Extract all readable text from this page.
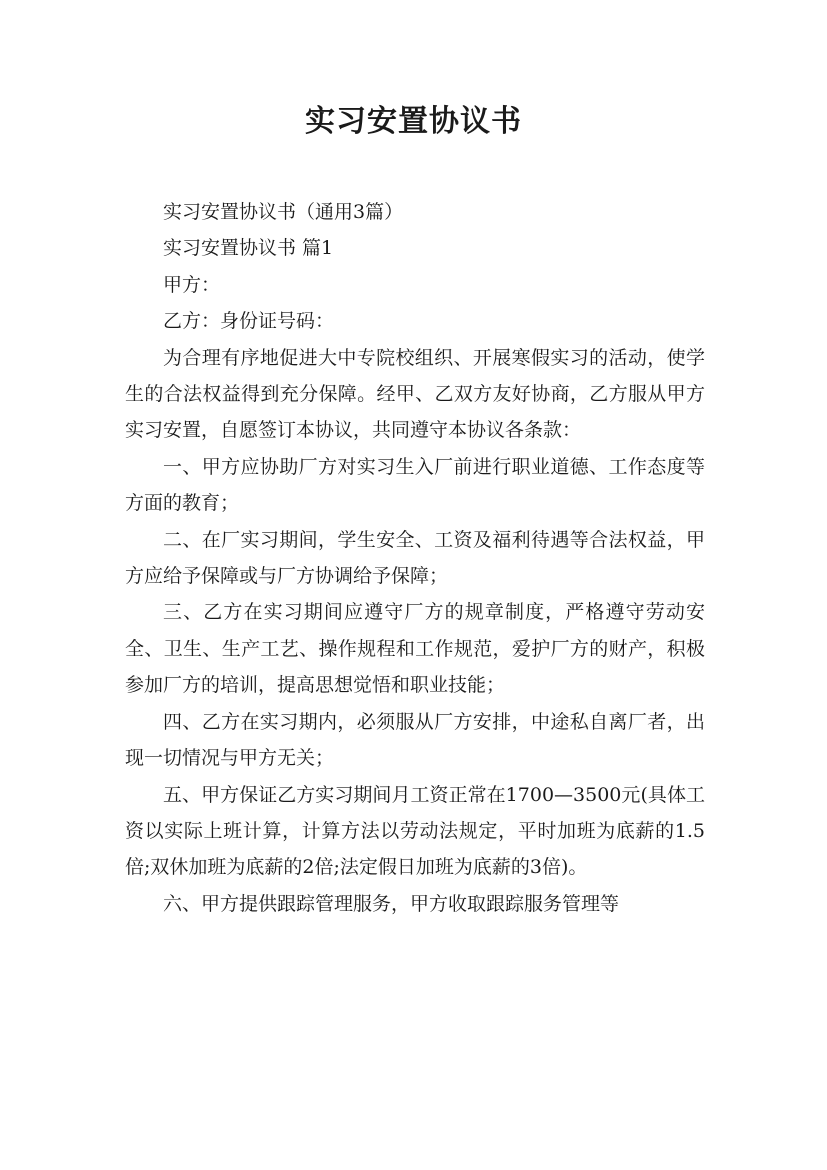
实习安置协议书

实习安置协议书（通用3篇）

实习安置协议书 篇1

甲方：

乙方：身份证号码：

为合理有序地促进大中专院校组织、开展寒假实习的活动，使学生的合法权益得到充分保障。经甲、乙双方友好协商，乙方服从甲方实习安置，自愿签订本协议，共同遵守本协议各条款：

一、甲方应协助厂方对实习生入厂前进行职业道德、工作态度等方面的教育；

二、在厂实习期间，学生安全、工资及福利待遇等合法权益，甲方应给予保障或与厂方协调给予保障；

三、乙方在实习期间应遵守厂方的规章制度，严格遵守劳动安全、卫生、生产工艺、操作规程和工作规范，爱护厂方的财产，积极参加厂方的培训，提高思想觉悟和职业技能；

四、乙方在实习期内，必须服从厂方安排，中途私自离厂者，出现一切情况与甲方无关；

五、甲方保证乙方实习期间月工资正常在1700—3500元(具体工资以实际上班计算，计算方法以劳动法规定，平时加班为底薪的1.5倍;双休加班为底薪的2倍;法定假日加班为底薪的3倍)。

六、甲方提供跟踪管理服务，甲方收取跟踪服务管理等
